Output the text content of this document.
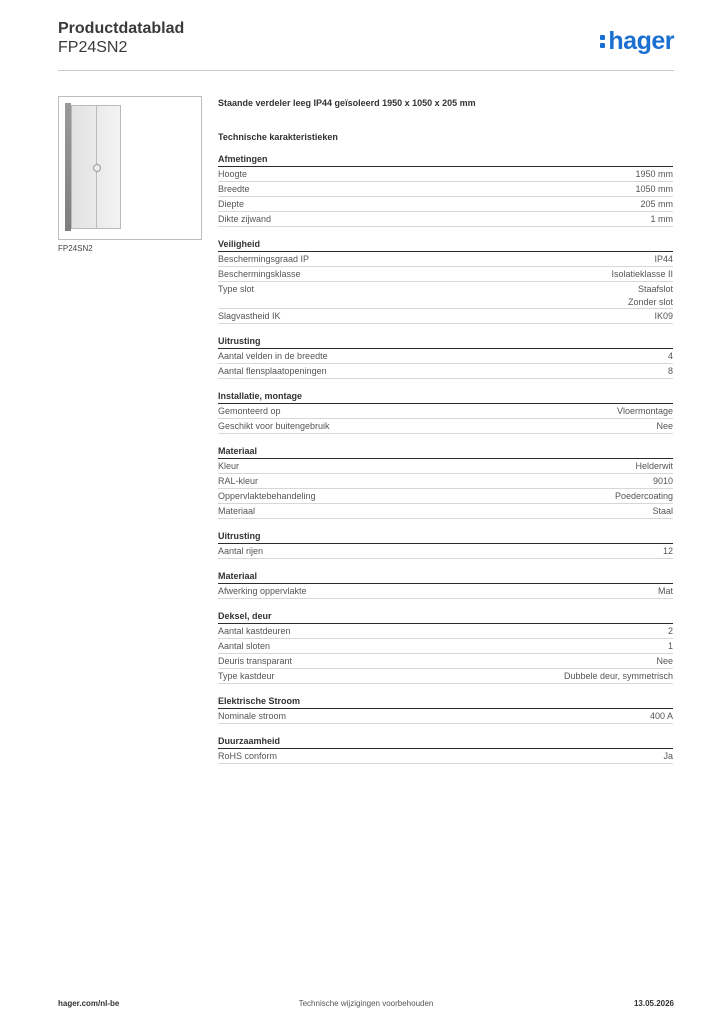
Productdatablad
FP24SN2	hager
FP24SN2
Staande verdeler leeg IP44 geïsoleerd 1950 x 1050 x 205 mm
Technische karakteristieken
Afmetingen
Hoogte	1950 mm
Breedte	1050 mm
Diepte	205 mm
Dikte zijwand	1 mm
Veiligheid
Beschermingsgraad IP	IP44
Beschermingsklasse	Isolatieklasse II
Type slot	Staafslot
Zonder slot
Slagvastheid IK	IK09
Uitrusting
Aantal velden in de breedte	4
Aantal flensplaatopeningen	8
Installatie, montage
Gemonteerd op	Vloermontage
Geschikt voor buitengebruik	Nee
Materiaal
Kleur	Helderwit
RAL-kleur	9010
Oppervlaktebehandeling	Poedercoating
Materiaal	Staal
Uitrusting
Aantal rijen	12
Materiaal
Afwerking oppervlakte	Mat
Deksel, deur
Aantal kastdeuren	2
Aantal sloten	1
Deuris transparant	Nee
Type kastdeur	Dubbele deur, symmetrisch
Elektrische Stroom
Nominale stroom	400 A
Duurzaamheid
RoHS conform	Ja
hager.com/nl-be	Technische wijzigingen voorbehouden	13.05.2026
